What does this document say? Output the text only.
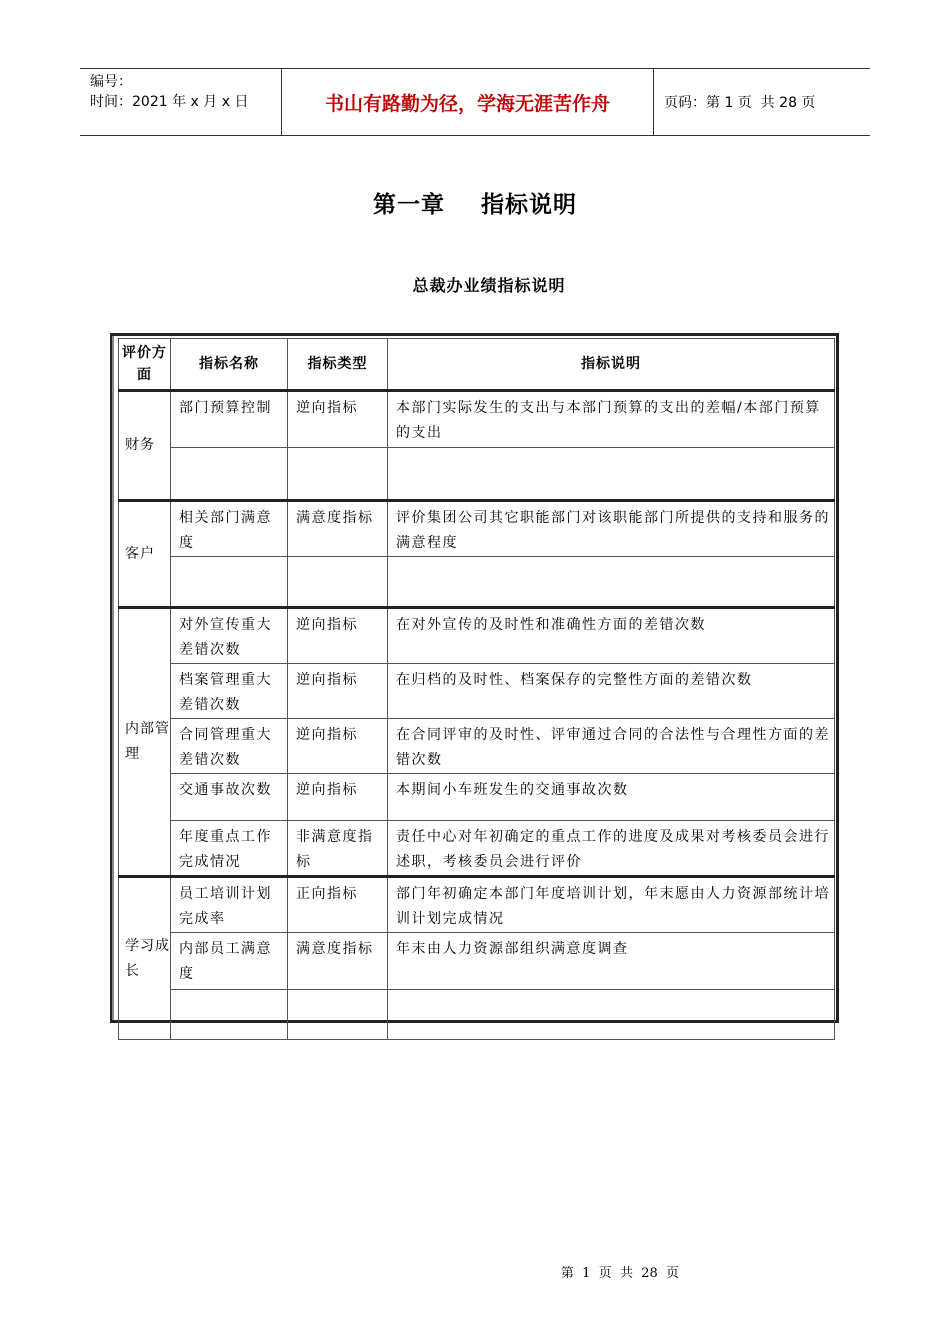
编号：
时间：2021 年 x 月 x 日	书山有路勤为径，学海无涯苦作舟	页码：第 1 页  共 28 页
第一章    指标说明
总裁办业绩指标说明
评价方面	指标名称	指标类型	指标说明
财务	部门预算控制	逆向指标	本部门实际发生的支出与本部门预算的支出的差幅/本部门预算的支出

客户	相关部门满意度	满意度指标	评价集团公司其它职能部门对该职能部门所提供的支持和服务的满意程度

内部管理	对外宣传重大差错次数	逆向指标	在对外宣传的及时性和准确性方面的差错次数
	档案管理重大差错次数	逆向指标	在归档的及时性、档案保存的完整性方面的差错次数
	合同管理重大差错次数	逆向指标	在合同评审的及时性、评审通过合同的合法性与合理性方面的差错次数
	交通事故次数	逆向指标	本期间小车班发生的交通事故次数
	年度重点工作完成情况	非满意度指标	责任中心对年初确定的重点工作的进度及成果对考核委员会进行述职，考核委员会进行评价
学习成长	员工培训计划完成率	正向指标	部门年初确定本部门年度培训计划，年末愿由人力资源部统计培训计划完成情况
	内部员工满意度	满意度指标	年末由人力资源部组织满意度调查

第  1  页  共  28  页
